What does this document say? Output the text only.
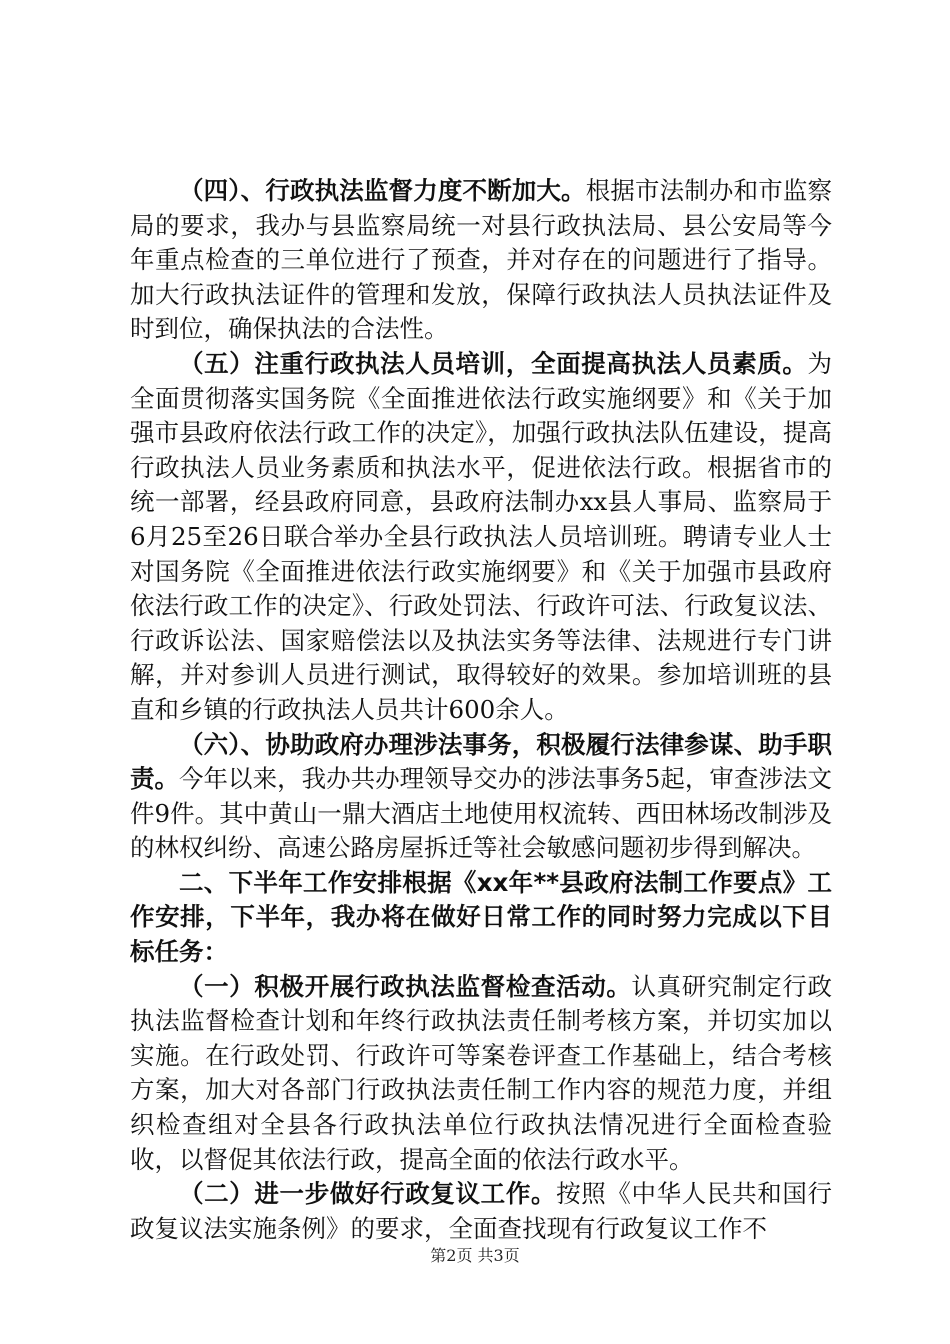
（四）、行政执法监督力度不断加大。根据市法制办和市监察局的要求，我办与县监察局统一对县行政执法局、县公安局等今年重点检查的三单位进行了预查，并对存在的问题进行了指导。加大行政执法证件的管理和发放，保障行政执法人员执法证件及时到位，确保执法的合法性。

（五）注重行政执法人员培训，全面提高执法人员素质。为全面贯彻落实国务院《全面推进依法行政实施纲要》和《关于加强市县政府依法行政工作的决定》，加强行政执法队伍建设，提高行政执法人员业务素质和执法水平，促进依法行政。根据省市的统一部署，经县政府同意，县政府法制办xx县人事局、监察局于6月25至26日联合举办全县行政执法人员培训班。聘请专业人士对国务院《全面推进依法行政实施纲要》和《关于加强市县政府依法行政工作的决定》、行政处罚法、行政许可法、行政复议法、行政诉讼法、国家赔偿法以及执法实务等法律、法规进行专门讲解，并对参训人员进行测试，取得较好的效果。参加培训班的县直和乡镇的行政执法人员共计600余人。

（六）、协助政府办理涉法事务，积极履行法律参谋、助手职责。今年以来，我办共办理领导交办的涉法事务5起，审查涉法文件9件。其中黄山一鼎大酒店土地使用权流转、西田林场改制涉及的林权纠纷、高速公路房屋拆迁等社会敏感问题初步得到解决。

二、下半年工作安排根据《xx年**县政府法制工作要点》工作安排，下半年，我办将在做好日常工作的同时努力完成以下目标任务：

（一）积极开展行政执法监督检查活动。认真研究制定行政执法监督检查计划和年终行政执法责任制考核方案，并切实加以实施。在行政处罚、行政许可等案卷评查工作基础上，结合考核方案，加大对各部门行政执法责任制工作内容的规范力度，并组织检查组对全县各行政执法单位行政执法情况进行全面检查验收，以督促其依法行政，提高全面的依法行政水平。

（二）进一步做好行政复议工作。按照《中华人民共和国行政复议法实施条例》的要求，全面查找现有行政复议工作不

第2页 共3页
